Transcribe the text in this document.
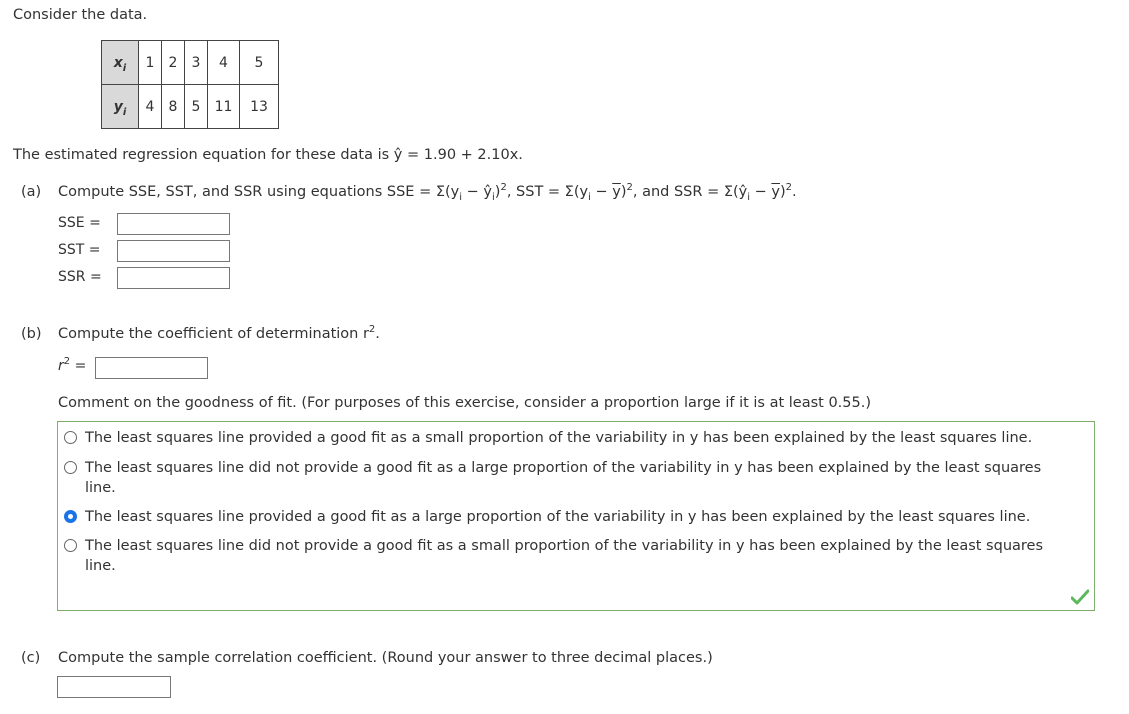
Consider the data.
$x_i$	1	2	3	4	5
$y_i$	4	8	5	11	13
The estimated regression equation for these data is ŷ = 1.90 + 2.10x.
(a) Compute SSE, SST, and SSR using equations SSE = $\Sigma(y_i$ − $ŷ_i)^2$, SST = $\Sigma(y_i - \overline{y})^2$, and SSR = $\Sigma(ŷ_i - \overline{y})^2$.
SSE =
SST =
SSR =
(b) Compute the coefficient of determination $r^2$.
$r^2$ =
Comment on the goodness of fit. (For purposes of this exercise, consider a proportion large if it is at least 0.55.)
The least squares line provided a good fit as a small proportion of the variability in y has been explained by the least squares line.
The least squares line did not provide a good fit as a large proportion of the variability in y has been explained by the least squares line.
The least squares line provided a good fit as a large proportion of the variability in y has been explained by the least squares line.
The least squares line did not provide a good fit as a small proportion of the variability in y has been explained by the least squares line.
(c) Compute the sample correlation coefficient. (Round your answer to three decimal places.)
